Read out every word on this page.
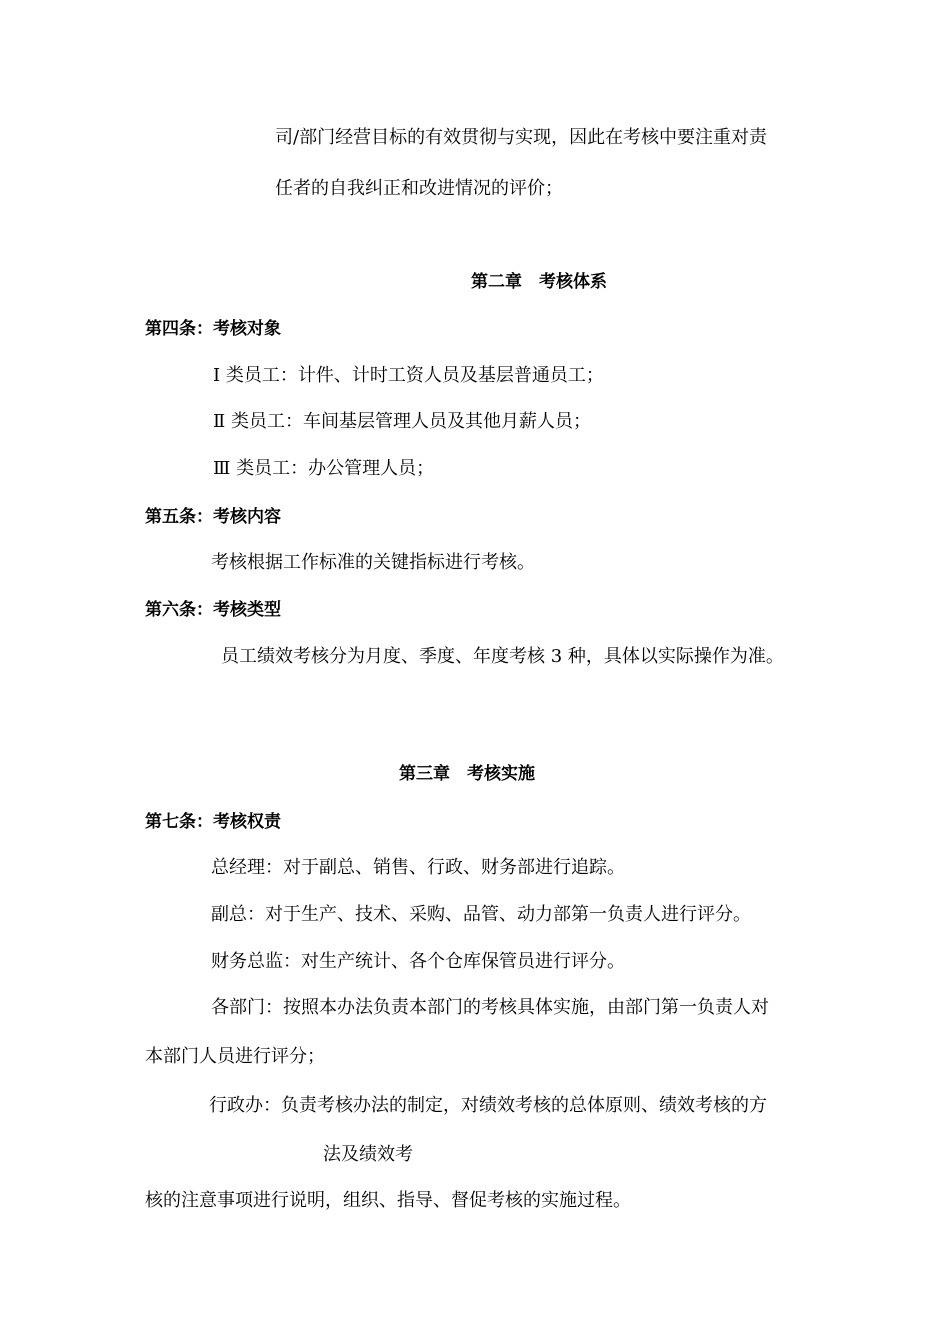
司/部门经营目标的有效贯彻与实现，因此在考核中要注重对责
任者的自我纠正和改进情况的评价；
第二章　考核体系
第四条：考核对象
Ⅰ 类员工：计件、计时工资人员及基层普通员工；
Ⅱ 类员工：车间基层管理人员及其他月薪人员；
Ⅲ 类员工：办公管理人员；
第五条：考核内容
考核根据工作标准的关键指标进行考核。
第六条：考核类型
员工绩效考核分为月度、季度、年度考核 3 种，具体以实际操作为准。
第三章　考核实施
第七条：考核权责
总经理：对于副总、销售、行政、财务部进行追踪。
副总：对于生产、技术、采购、品管、动力部第一负责人进行评分。
财务总监：对生产统计、各个仓库保管员进行评分。
各部门：按照本办法负责本部门的考核具体实施，由部门第一负责人对
本部门人员进行评分；
行政办：负责考核办法的制定，对绩效考核的总体原则、绩效考核的方
法及绩效考
核的注意事项进行说明，组织、指导、督促考核的实施过程。
